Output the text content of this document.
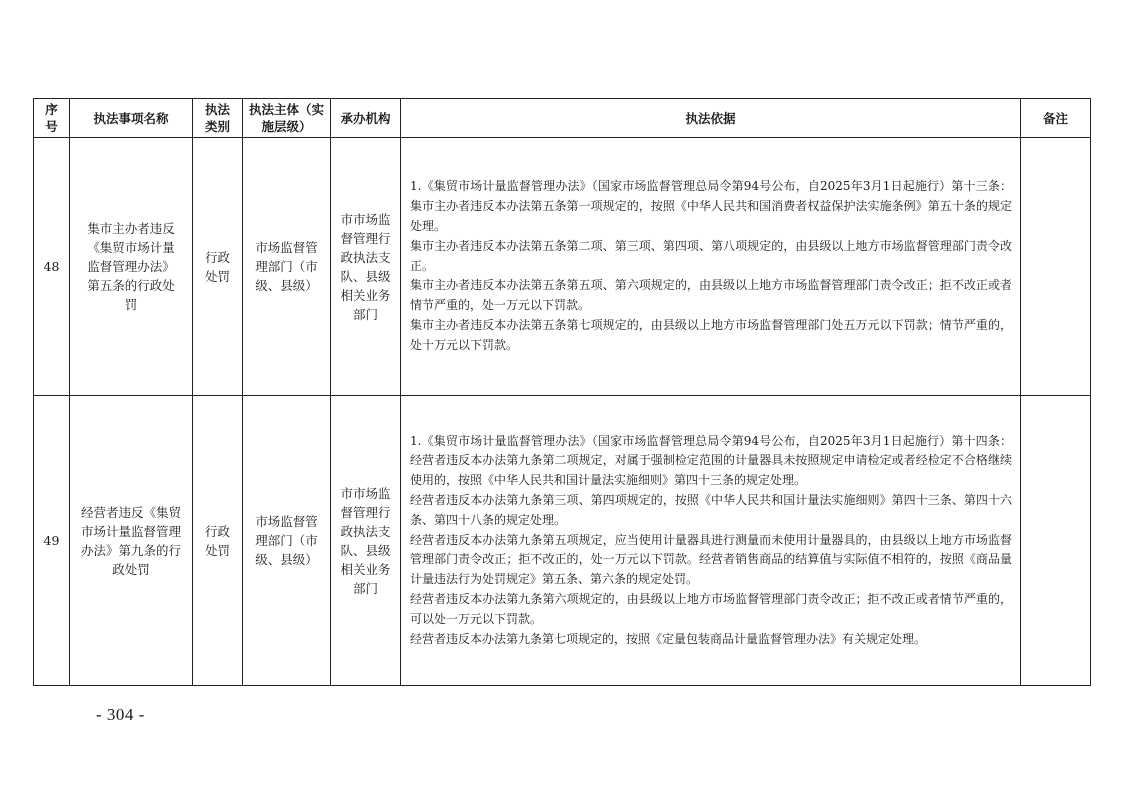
序号	执法事项名称	执法类别	执法主体（实施层级）	承办机构	执法依据	备注
48	集市主办者违反《集贸市场计量监督管理办法》第五条的行政处罚	行政处罚	市场监督管理部门（市级、县级）	市市场监督管理行政执法支队、县级相关业务部门	1.《集贸市场计量监督管理办法》（国家市场监督管理总局令第94号公布，自2025年3月1日起施行）第十三条：集市主办者违反本办法第五条第一项规定的，按照《中华人民共和国消费者权益保护法实施条例》第五十条的规定处理。

集市主办者违反本办法第五条第二项、第三项、第四项、第八项规定的，由县级以上地方市场监督管理部门责令改正。

集市主办者违反本办法第五条第五项、第六项规定的，由县级以上地方市场监督管理部门责令改正；拒不改正或者情节严重的，处一万元以下罚款。

集市主办者违反本办法第五条第七项规定的，由县级以上地方市场监督管理部门处五万元以下罚款；情节严重的，处十万元以下罚款。	

49	经营者违反《集贸市场计量监督管理办法》第九条的行政处罚	行政处罚	市场监督管理部门（市级、县级）	市市场监督管理行政执法支队、县级相关业务部门	1.《集贸市场计量监督管理办法》（国家市场监督管理总局令第94号公布，自2025年3月1日起施行）第十四条：经营者违反本办法第九条第二项规定，对属于强制检定范围的计量器具未按照规定申请检定或者经检定不合格继续使用的，按照《中华人民共和国计量法实施细则》第四十三条的规定处理。

经营者违反本办法第九条第三项、第四项规定的，按照《中华人民共和国计量法实施细则》第四十三条、第四十六条、第四十八条的规定处理。

经营者违反本办法第九条第五项规定，应当使用计量器具进行测量而未使用计量器具的，由县级以上地方市场监督管理部门责令改正；拒不改正的，处一万元以下罚款。经营者销售商品的结算值与实际值不相符的，按照《商品量计量违法行为处罚规定》第五条、第六条的规定处罚。

经营者违反本办法第九条第六项规定的，由县级以上地方市场监督管理部门责令改正；拒不改正或者情节严重的，可以处一万元以下罚款。

经营者违反本办法第九条第七项规定的，按照《定量包装商品计量监督管理办法》有关规定处理。	

- 304 -
